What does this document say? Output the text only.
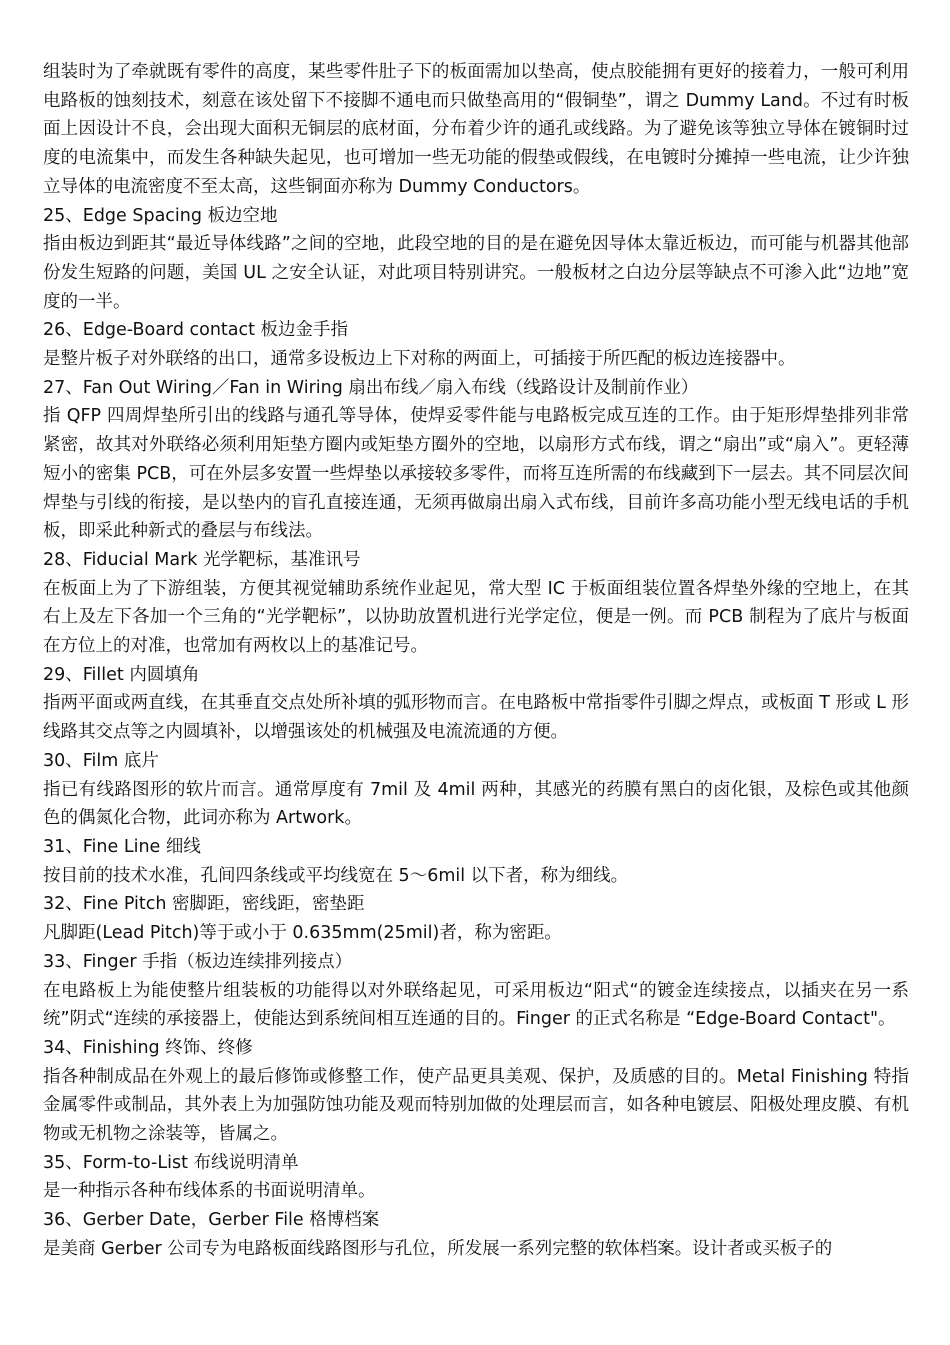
组装时为了牵就既有零件的高度，某些零件肚子下的板面需加以垫高，使点胶能拥有更好的接着力，一般可利用电路板的蚀刻技术，刻意在该处留下不接脚不通电而只做垫高用的“假铜垫”，谓之 Dummy Land。不过有时板面上因设计不良，会出现大面积无铜层的底材面，分布着少许的通孔或线路。为了避免该等独立导体在镀铜时过度的电流集中，而发生各种缺失起见，也可增加一些无功能的假垫或假线，在电镀时分摊掉一些电流，让少许独立导体的电流密度不至太高，这些铜面亦称为 Dummy Conductors。

25、Edge Spacing 板边空地

指由板边到距其“最近导体线路”之间的空地，此段空地的目的是在避免因导体太靠近板边，而可能与机器其他部份发生短路的问题，美国 UL 之安全认证，对此项目特别讲究。一般板材之白边分层等缺点不可渗入此“边地”宽度的一半。

26、Edge-Board contact 板边金手指

是整片板子对外联络的出口，通常多设板边上下对称的两面上，可插接于所匹配的板边连接器中。

27、Fan Out Wiring／Fan in Wiring 扇出布线／扇入布线（线路设计及制前作业）

指 QFP 四周焊垫所引出的线路与通孔等导体，使焊妥零件能与电路板完成互连的工作。由于矩形焊垫排列非常紧密，故其对外联络必须利用矩垫方圈内或矩垫方圈外的空地，以扇形方式布线，谓之“扇出”或“扇入”。更轻薄短小的密集 PCB，可在外层多安置一些焊垫以承接较多零件，而将互连所需的布线藏到下一层去。其不同层次间焊垫与引线的衔接，是以垫内的盲孔直接连通，无须再做扇出扇入式布线，目前许多高功能小型无线电话的手机板，即采此种新式的叠层与布线法。

28、Fiducial Mark 光学靶标，基准讯号

在板面上为了下游组装，方便其视觉辅助系统作业起见，常大型 IC 于板面组装位置各焊垫外缘的空地上，在其右上及左下各加一个三角的“光学靶标”，以协助放置机进行光学定位，便是一例。而 PCB 制程为了底片与板面在方位上的对准，也常加有两枚以上的基准记号。

29、Fillet 内圆填角

指两平面或两直线，在其垂直交点处所补填的弧形物而言。在电路板中常指零件引脚之焊点，或板面 T 形或 L 形线路其交点等之内圆填补，以增强该处的机械强及电流流通的方便。

30、Film 底片

指已有线路图形的软片而言。通常厚度有 7mil 及 4mil 两种，其感光的药膜有黑白的卤化银，及棕色或其他颜色的偶氮化合物，此词亦称为 Artwork。

31、Fine Line 细线

按目前的技术水准，孔间四条线或平均线宽在 5～6mil 以下者，称为细线。

32、Fine Pitch 密脚距，密线距，密垫距

凡脚距(Lead Pitch)等于或小于 0.635mm(25mil)者，称为密距。

33、Finger 手指（板边连续排列接点）

在电路板上为能使整片组装板的功能得以对外联络起见，可采用板边“阳式“的镀金连续接点，以插夹在另一系统”阴式“连续的承接器上，使能达到系统间相互连通的目的。Finger 的正式名称是 “Edge-Board Contact"。

34、Finishing 终饰、终修

指各种制成品在外观上的最后修饰或修整工作，使产品更具美观、保护，及质感的目的。Metal Finishing 特指金属零件或制品，其外表上为加强防蚀功能及观而特别加做的处理层而言，如各种电镀层、阳极处理皮膜、有机物或无机物之涂装等，皆属之。

35、Form-to-List 布线说明清单

是一种指示各种布线体系的书面说明清单。

36、Gerber Date，Gerber File 格博档案

是美商 Gerber 公司专为电路板面线路图形与孔位，所发展一系列完整的软体档案。设计者或买板子的
